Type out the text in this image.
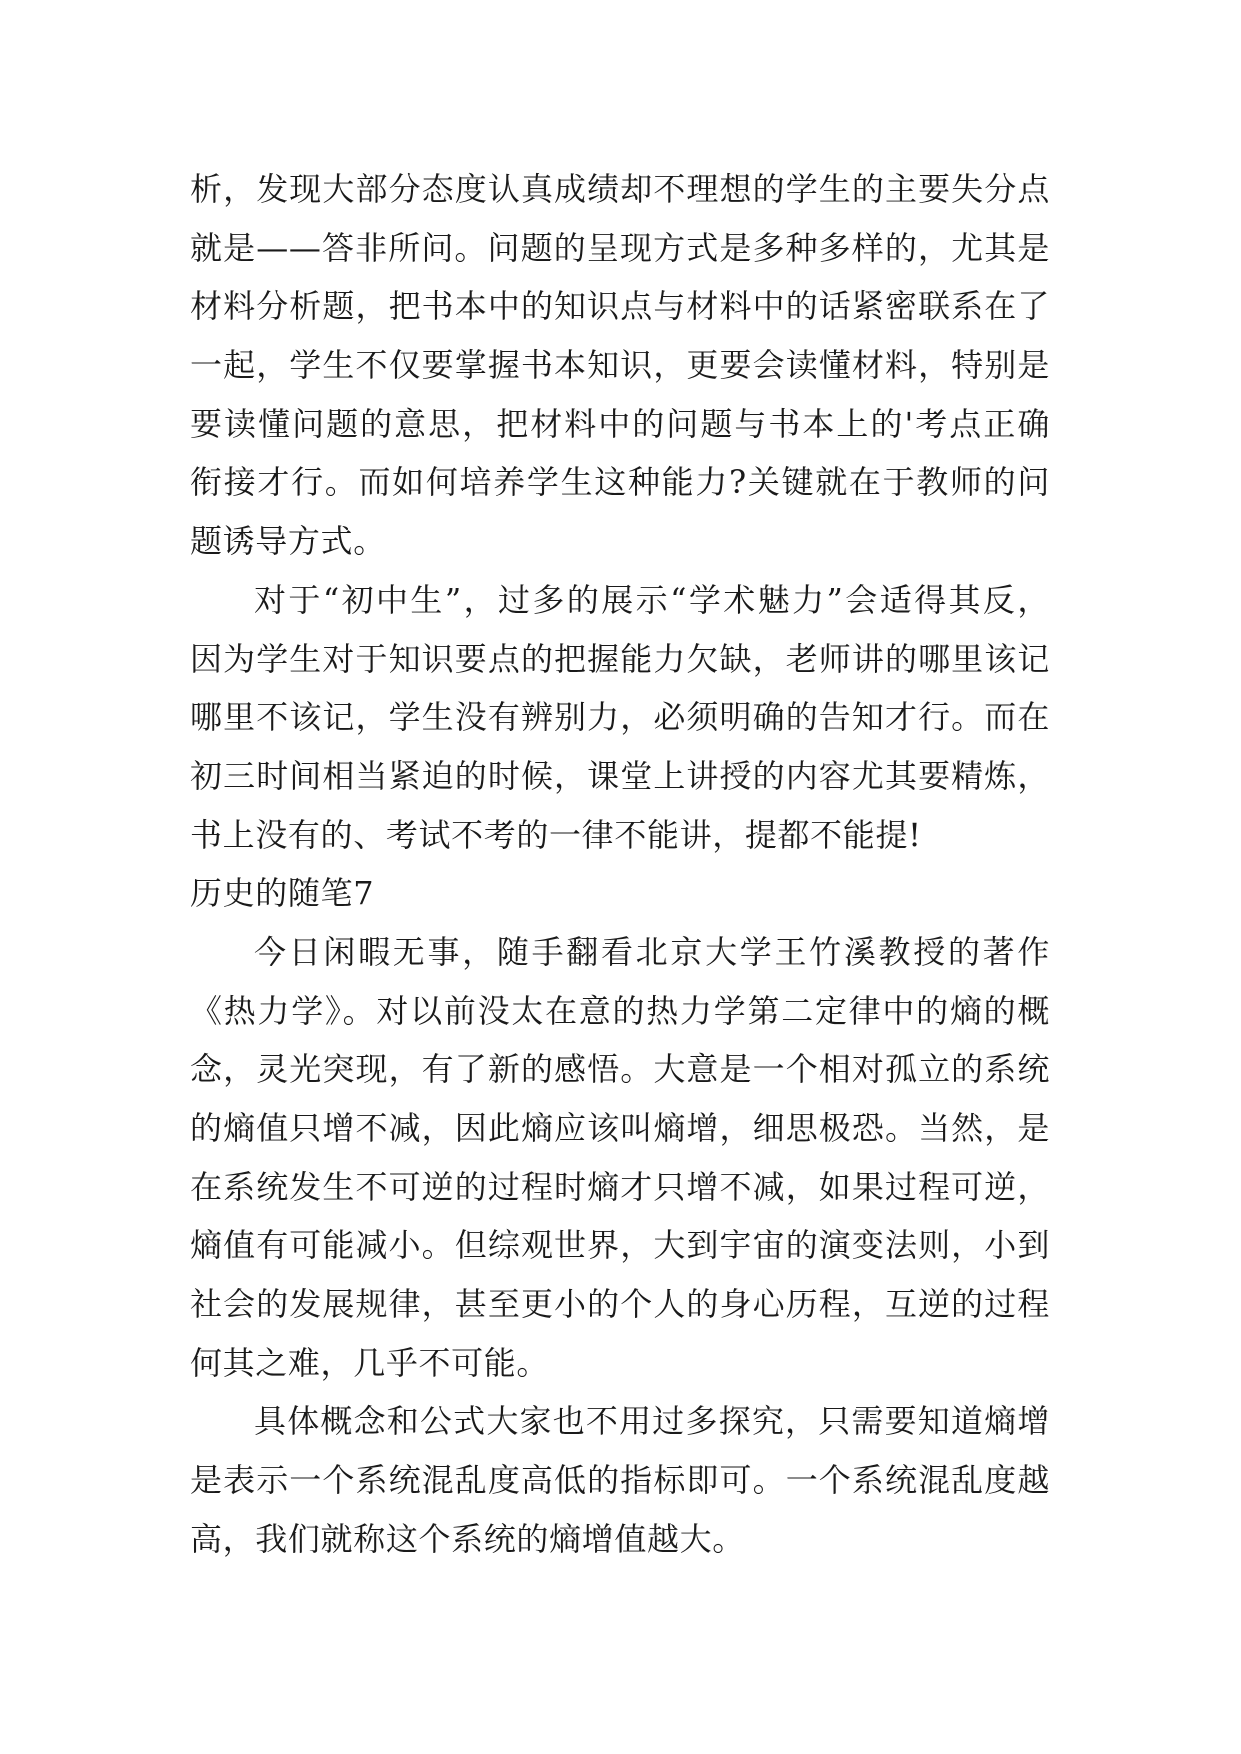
析，发现大部分态度认真成绩却不理想的学生的主要失分点
就是——答非所问。问题的呈现方式是多种多样的，尤其是
材料分析题，把书本中的知识点与材料中的话紧密联系在了
一起，学生不仅要掌握书本知识，更要会读懂材料，特别是
要读懂问题的意思，把材料中的问题与书本上的'考点正确
衔接才行。而如何培养学生这种能力?关键就在于教师的问
题诱导方式。
对于“初中生”，过多的展示“学术魅力”会适得其反，
因为学生对于知识要点的把握能力欠缺，老师讲的哪里该记
哪里不该记，学生没有辨别力，必须明确的告知才行。而在
初三时间相当紧迫的时候，课堂上讲授的内容尤其要精炼，
书上没有的、考试不考的一律不能讲，提都不能提!
历史的随笔7
今日闲暇无事，随手翻看北京大学王竹溪教授的著作
《热力学》。对以前没太在意的热力学第二定律中的熵的概
念，灵光突现，有了新的感悟。大意是一个相对孤立的系统
的熵值只增不减，因此熵应该叫熵增，细思极恐。当然，是
在系统发生不可逆的过程时熵才只增不减，如果过程可逆，
熵值有可能减小。但综观世界，大到宇宙的演变法则，小到
社会的发展规律，甚至更小的个人的身心历程，互逆的过程
何其之难，几乎不可能。
具体概念和公式大家也不用过多探究，只需要知道熵增
是表示一个系统混乱度高低的指标即可。一个系统混乱度越
高，我们就称这个系统的熵增值越大。
